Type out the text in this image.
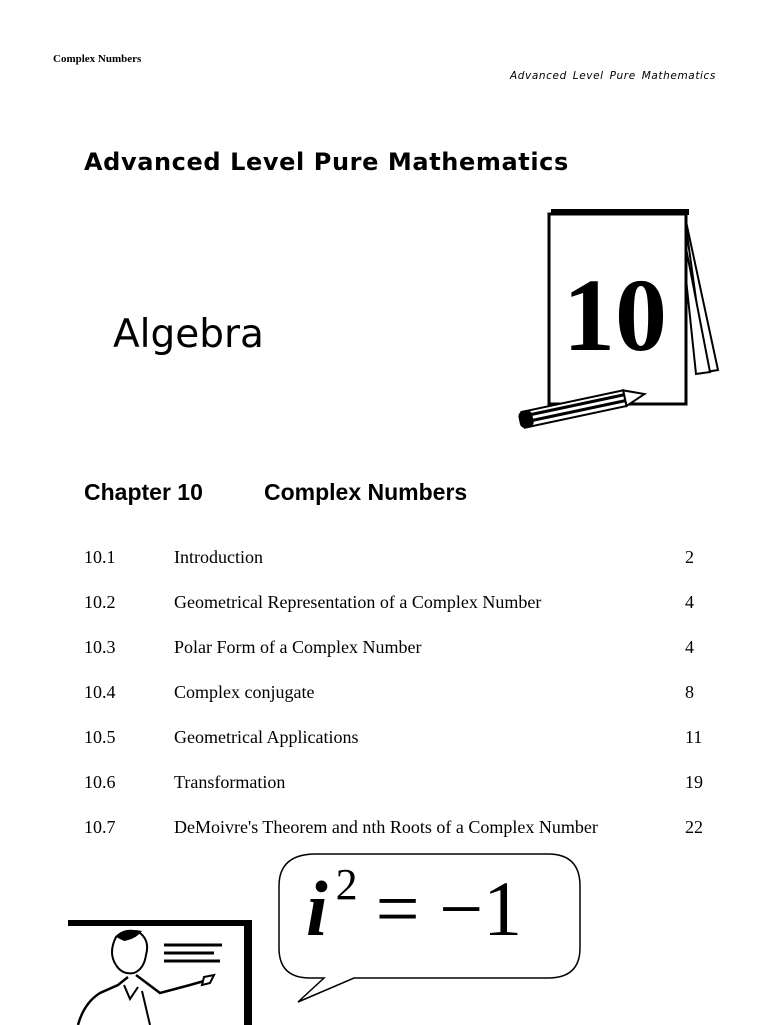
Complex Numbers
Advanced Level Pure Mathematics
Advanced Level Pure Mathematics
Algebra	10
Chapter 10	Complex Numbers
10.1	Introduction	2
10.2	Geometrical Representation of a Complex Number	4
10.3	Polar Form of a Complex Number	4
10.4	Complex conjugate	8
10.5	Geometrical Applications	11
10.6	Transformation	19
10.7	DeMoivre's Theorem and nth Roots of a Complex Number	22
i $^2$ = −1
